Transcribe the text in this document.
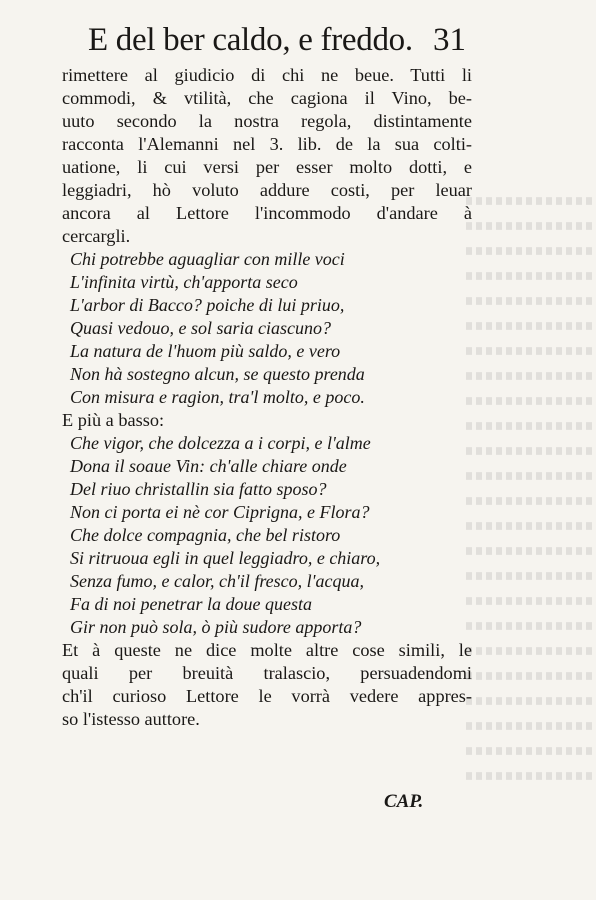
E del ber caldo, e freddo. 31
rimettere al giudicio di chi ne beue. Tutti li
commodi, & vtilità, che cagiona il Vino, be-
uuto secondo la nostra regola, distintamente
racconta l'Alemanni nel 3. lib. de la sua colti-
uatione, li cui versi per esser molto dotti, e
leggiadri, hò voluto addure costi, per leuar
ancora al Lettore l'incommodo d'andare à
cercargli.
Chi potrebbe aguagliar con mille voci
L'infinita virtù, ch'apporta seco
L'arbor di Bacco? poiche di lui priuo,
Quasi vedouo, e sol saria ciascuno?
La natura de l'huom più saldo, e vero
Non hà sostegno alcun, se questo prenda
Con misura e ragion, tra'l molto, e poco.
E più a basso:
Che vigor, che dolcezza a i corpi, e l'alme
Dona il soaue Vin: ch'alle chiare onde
Del riuo christallin sia fatto sposo?
Non ci porta ei nè cor Ciprigna, e Flora?
Che dolce compagnia, che bel ristoro
Si ritruoua egli in quel leggiadro, e chiaro,
Senza fumo, e calor, ch'il fresco, l'acqua,
Fa di noi penetrar la doue questa
Gir non può sola, ò più sudore apporta?
Et à queste ne dice molte altre cose simili, le
quali per breuità tralascio, persuadendomi
ch'il curioso Lettore le vorrà vedere appres-
so l'istesso auttore.
CAP.
